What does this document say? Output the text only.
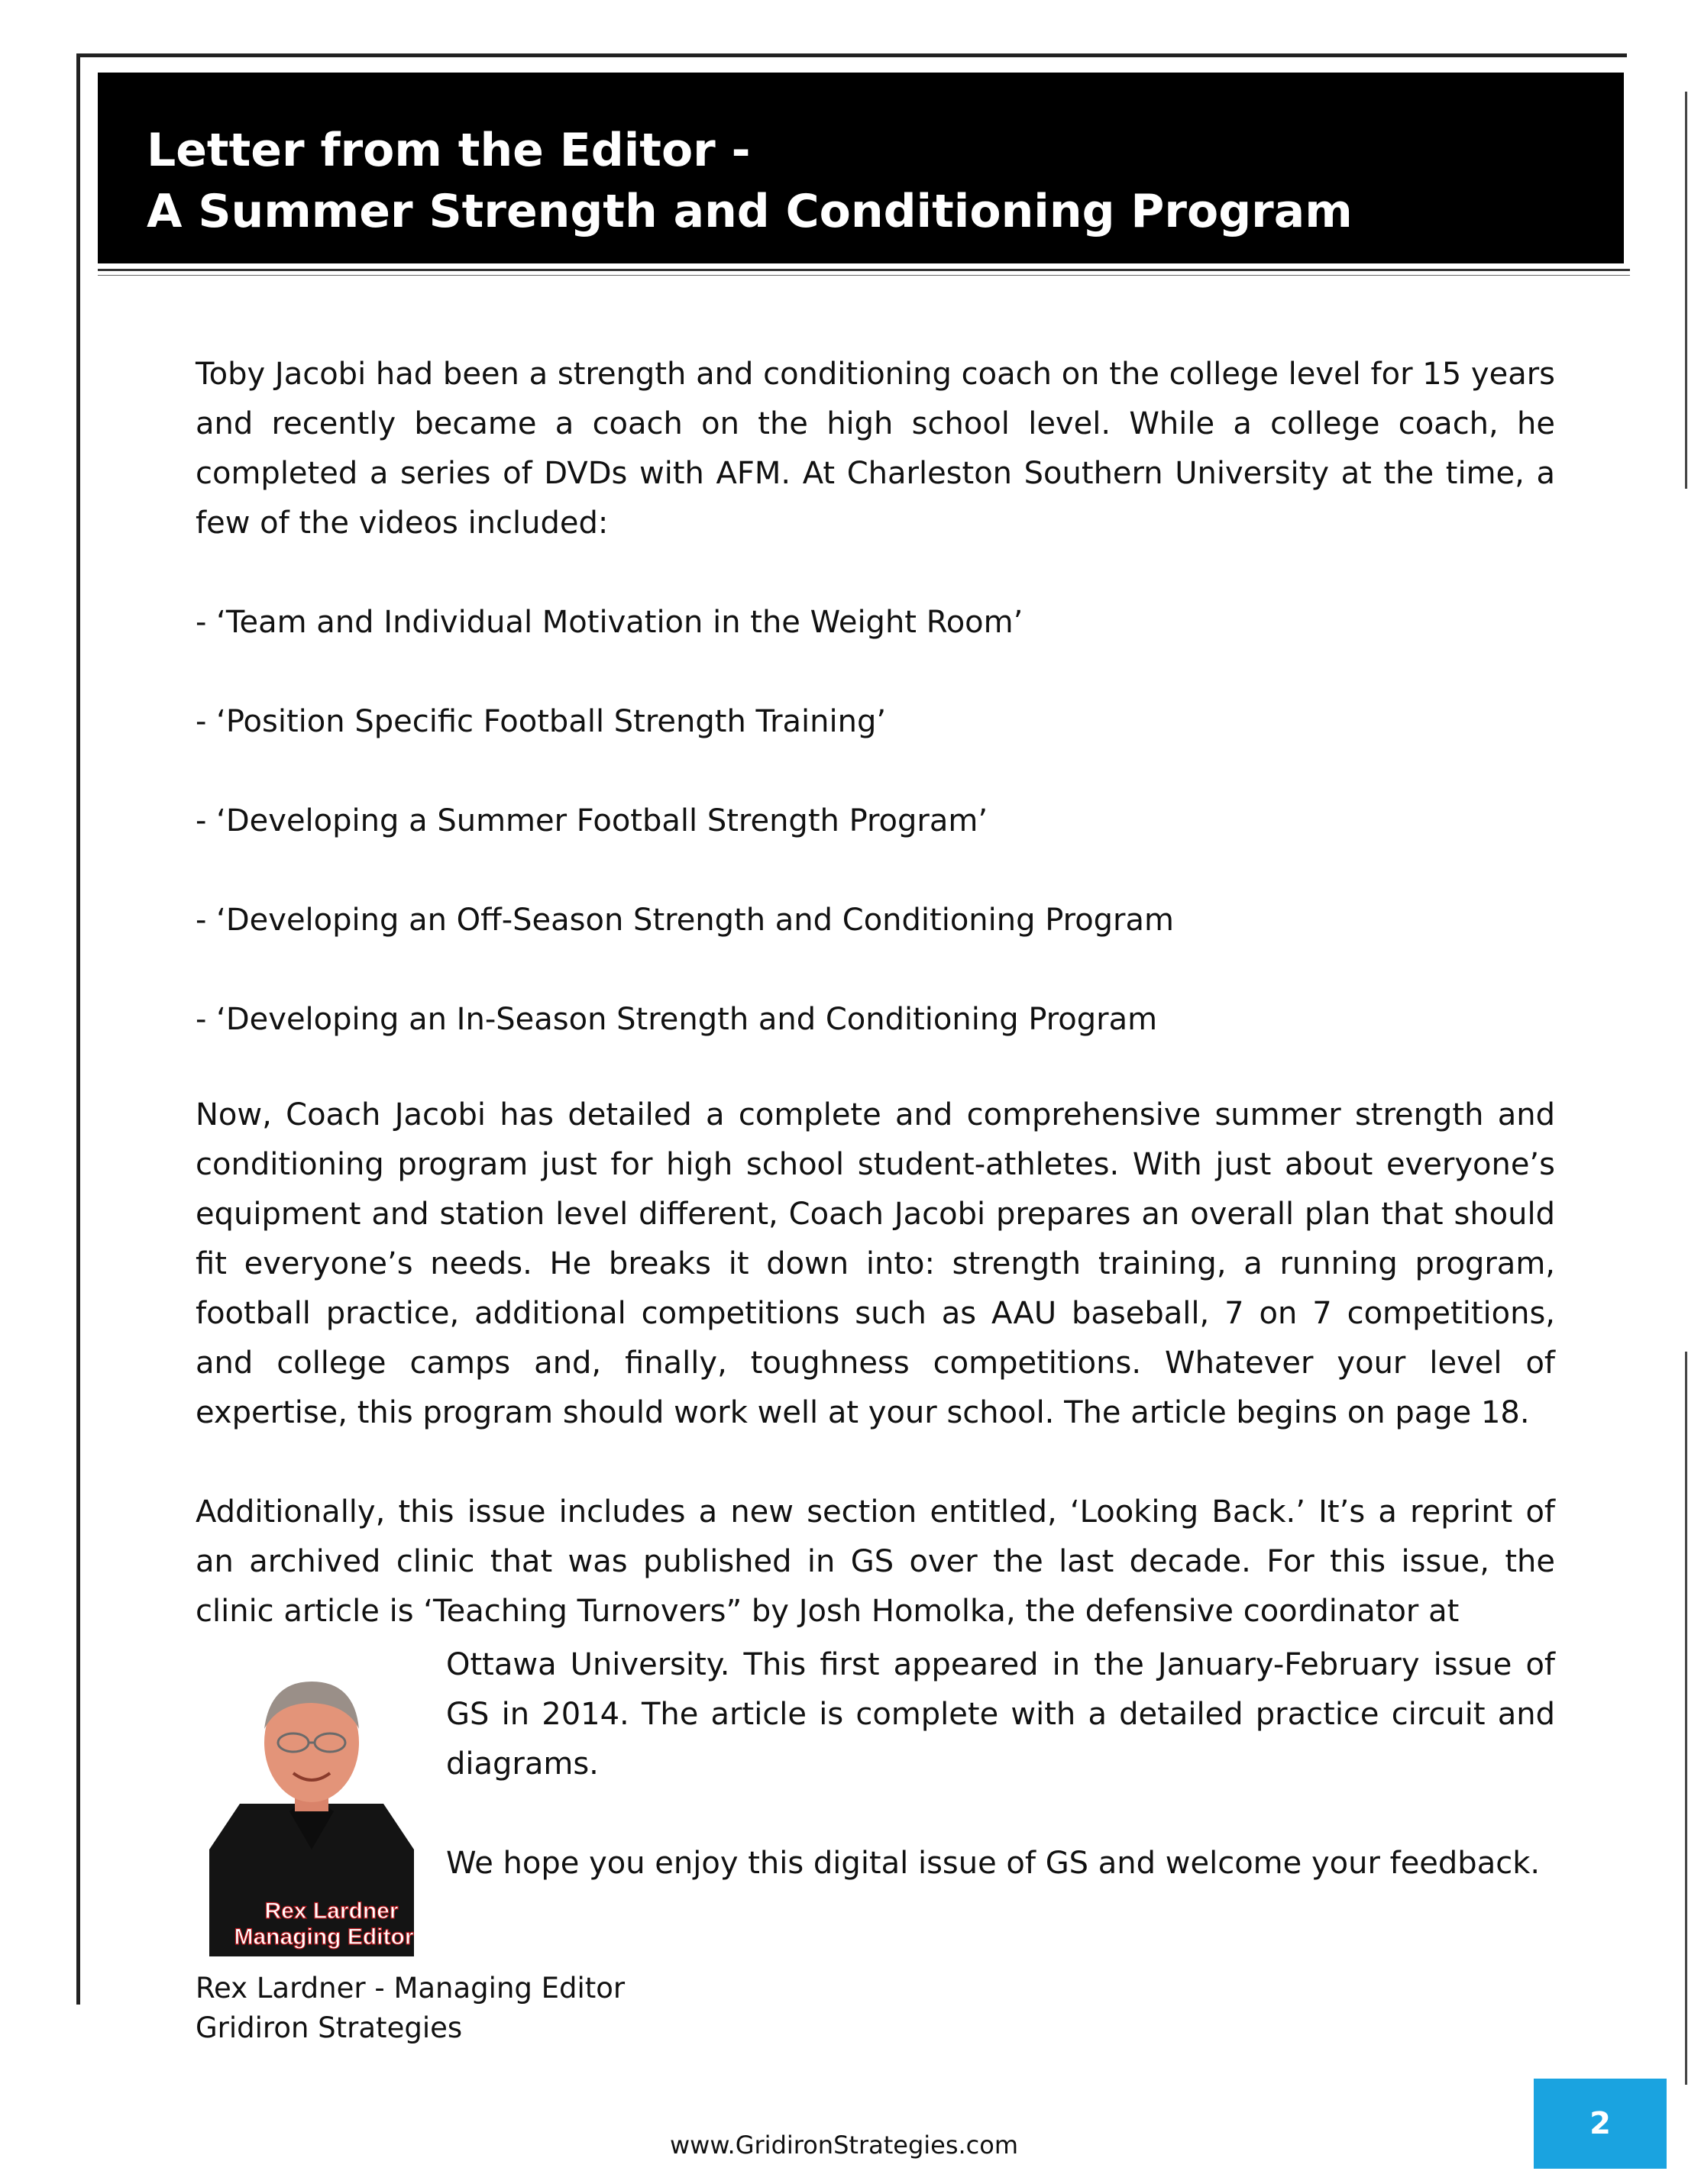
Letter from the Editor -
A Summer Strength and Conditioning Program

Toby Jacobi had been a strength and conditioning coach on the college level for 15 years and recently became a coach on the high school level. While a college coach, he completed a series of DVDs with AFM. At Charleston Southern University at the time, a few of the videos included:

- ‘Team and Individual Motivation in the Weight Room’

- ‘Position Specific Football Strength Training’

- ‘Developing a Summer Football Strength Program’

- ‘Developing an Off-Season Strength and Conditioning Program

- ‘Developing an In-Season Strength and Conditioning Program

Now, Coach Jacobi has detailed a complete and comprehensive summer strength and conditioning program just for high school student-athletes. With just about everyone’s equipment and station level different, Coach Jacobi prepares an overall plan that should fit everyone’s needs. He breaks it down into: strength training, a running program, football practice, additional competitions such as AAU baseball, 7 on 7 competitions, and college camps and, finally, toughness competitions. Whatever your level of expertise, this program should work well at your school. The article begins on page 18.

Additionally, this issue includes a new section entitled, ‘Looking Back.’ It’s a reprint of an archived clinic that was published in GS over the last decade. For this issue, the clinic article is ‘Teaching Turnovers” by Josh Homolka, the defensive coordinator at

Rex Lardner
Managing Editor

Ottawa University. This first appeared in the January-February issue of GS in 2014. The article is complete with a detailed practice circuit and diagrams.

We hope you enjoy this digital issue of GS and welcome your feedback.

Rex Lardner - Managing Editor
Gridiron Strategies
2
www.GridironStrategies.com
